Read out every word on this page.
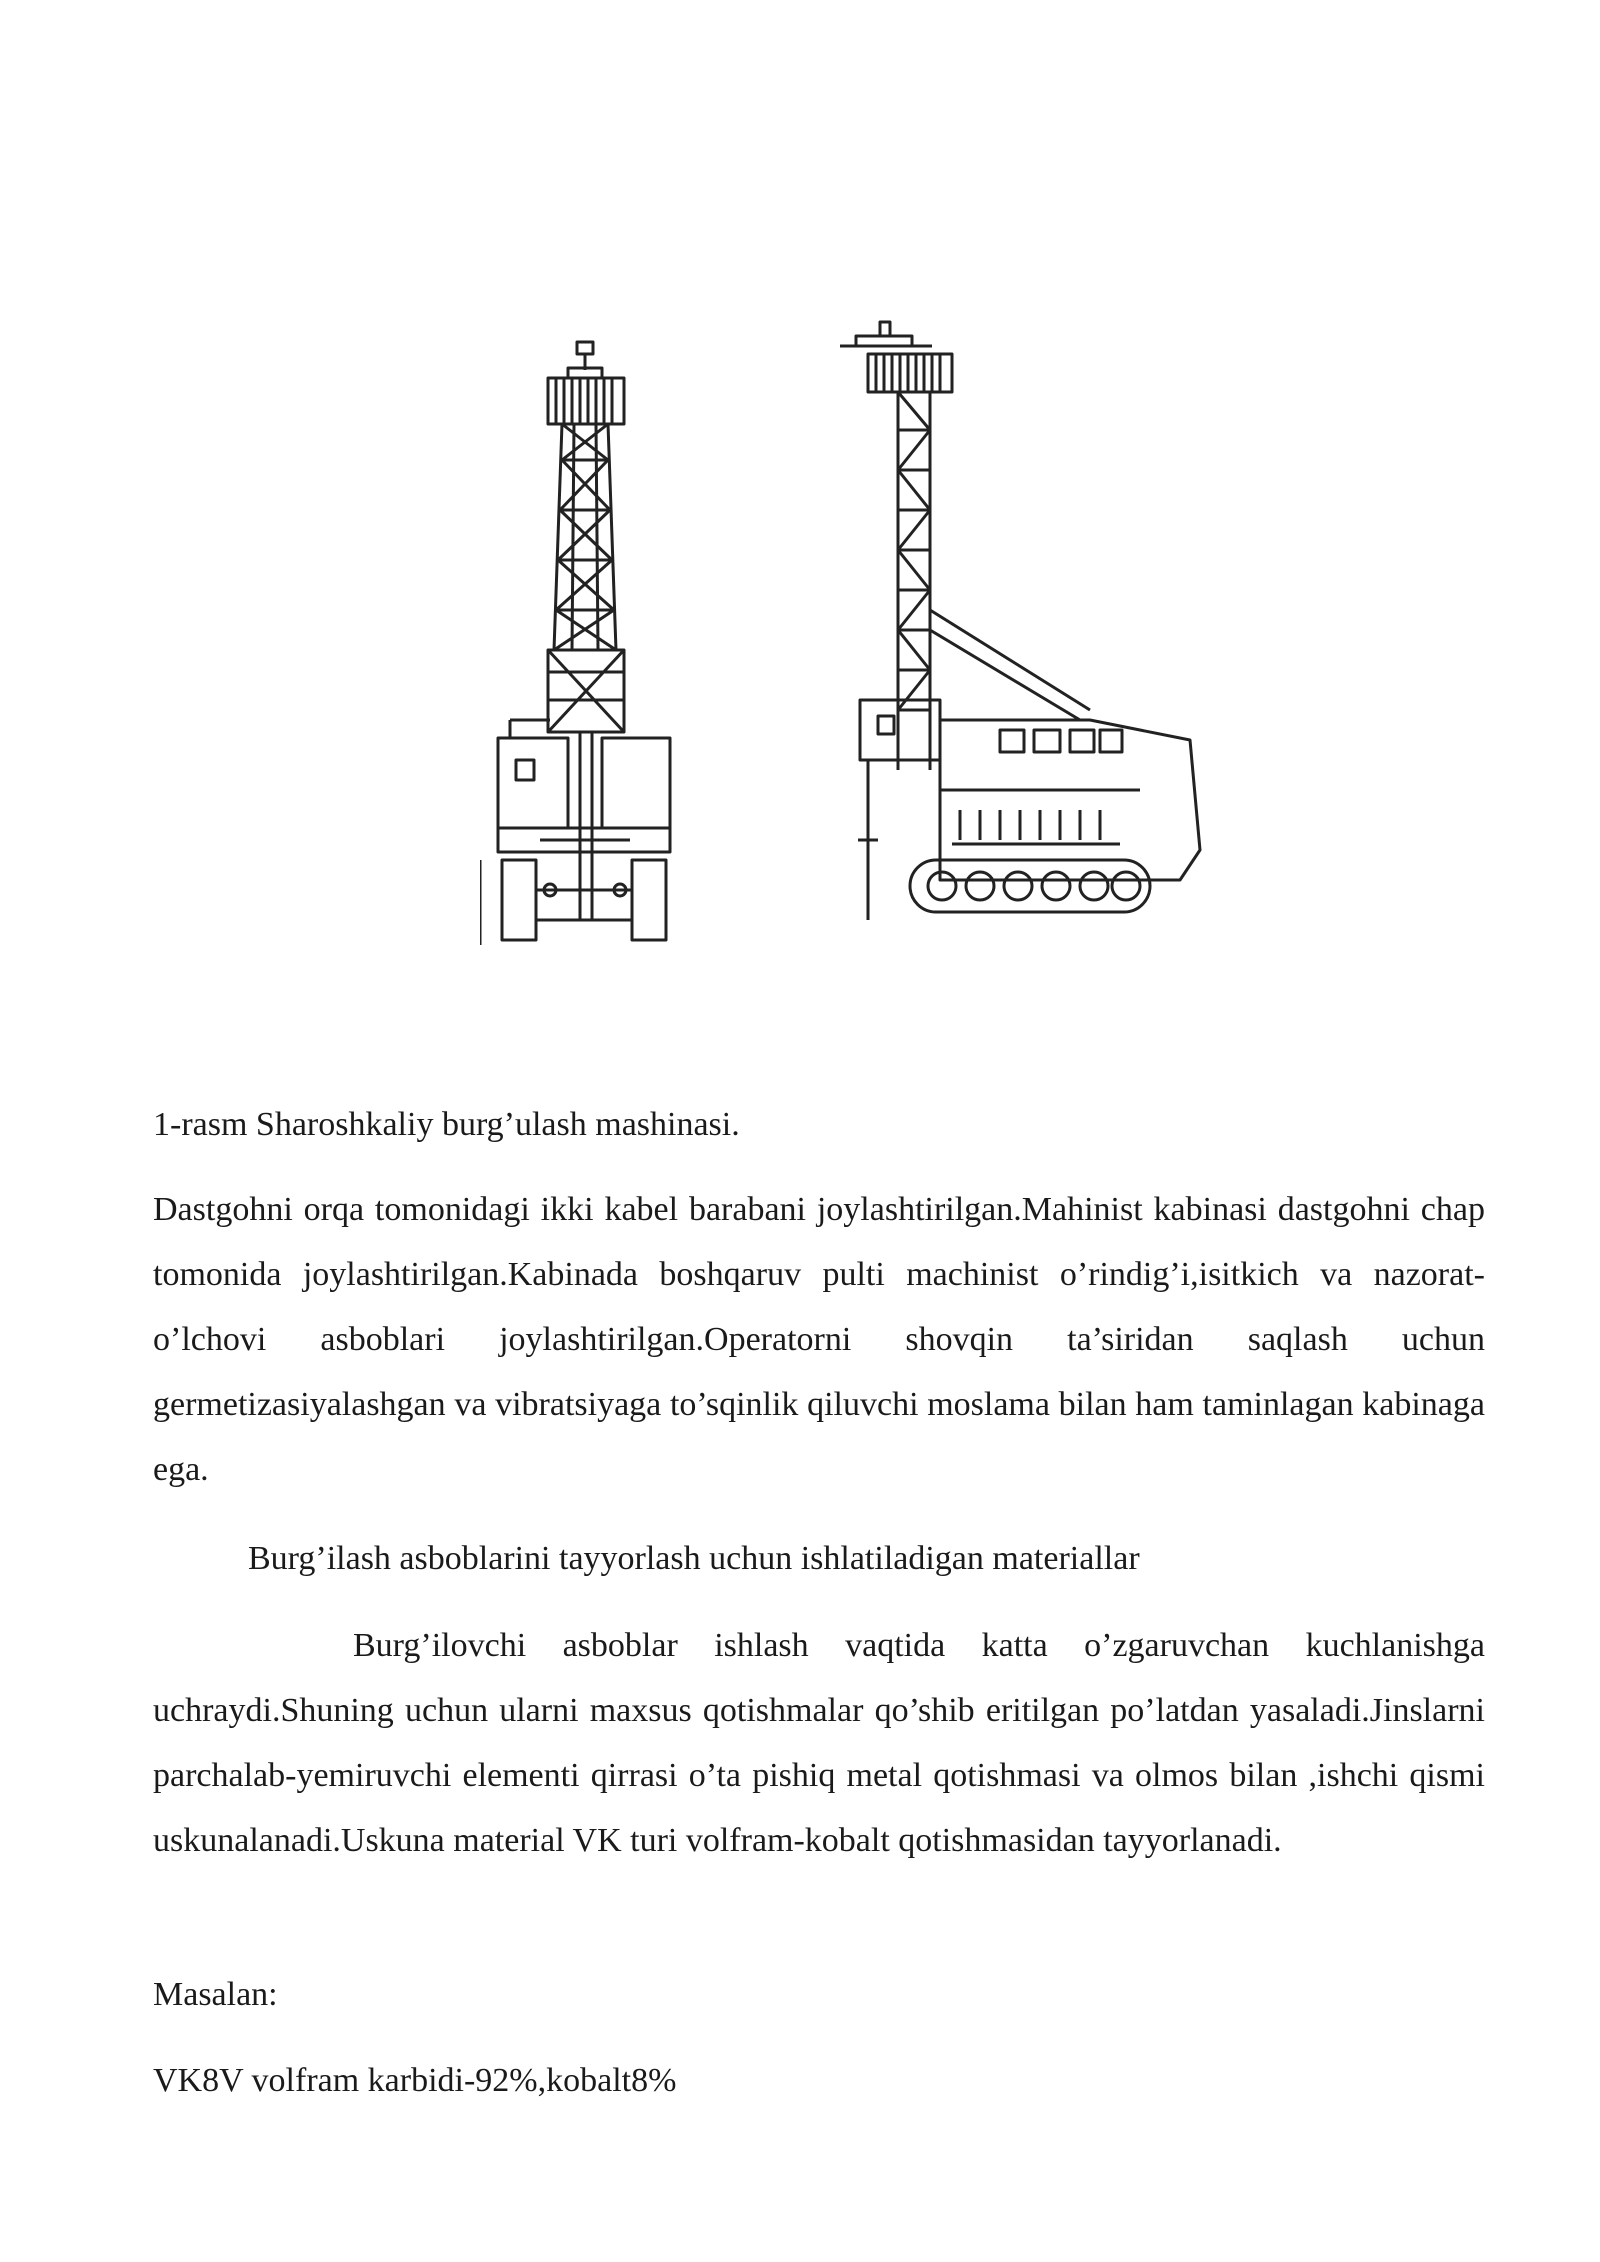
1-rasm Sharoshkaliy burg’ulash mashinasi.

Dastgohni orqa tomonidagi ikki kabel barabani joylashtirilgan.Mahinist kabinasi dastgohni chap tomonida joylashtirilgan.Kabinada boshqaruv pulti machinist o’rindig’i,isitkich va nazorat-o’lchovi asboblari joylashtirilgan.Operatorni shovqin ta’siridan saqlash uchun germetizasiyalashgan va vibratsiyaga to’sqinlik qiluvchi moslama bilan ham taminlagan kabinaga ega.

Burg’ilash asboblarini tayyorlash uchun ishlatiladigan materiallar

Burg’ilovchi asboblar ishlash vaqtida katta o’zgaruvchan kuchlanishga uchraydi.Shuning uchun ularni maxsus qotishmalar qo’shib eritilgan po’latdan yasaladi.Jinslarni parchalab-yemiruvchi elementi qirrasi o’ta pishiq metal qotishmasi va olmos bilan ,ishchi qismi uskunalanadi.Uskuna material VK turi volfram-kobalt qotishmasidan tayyorlanadi.

Masalan:

VK8V volfram karbidi-92%,kobalt8%
